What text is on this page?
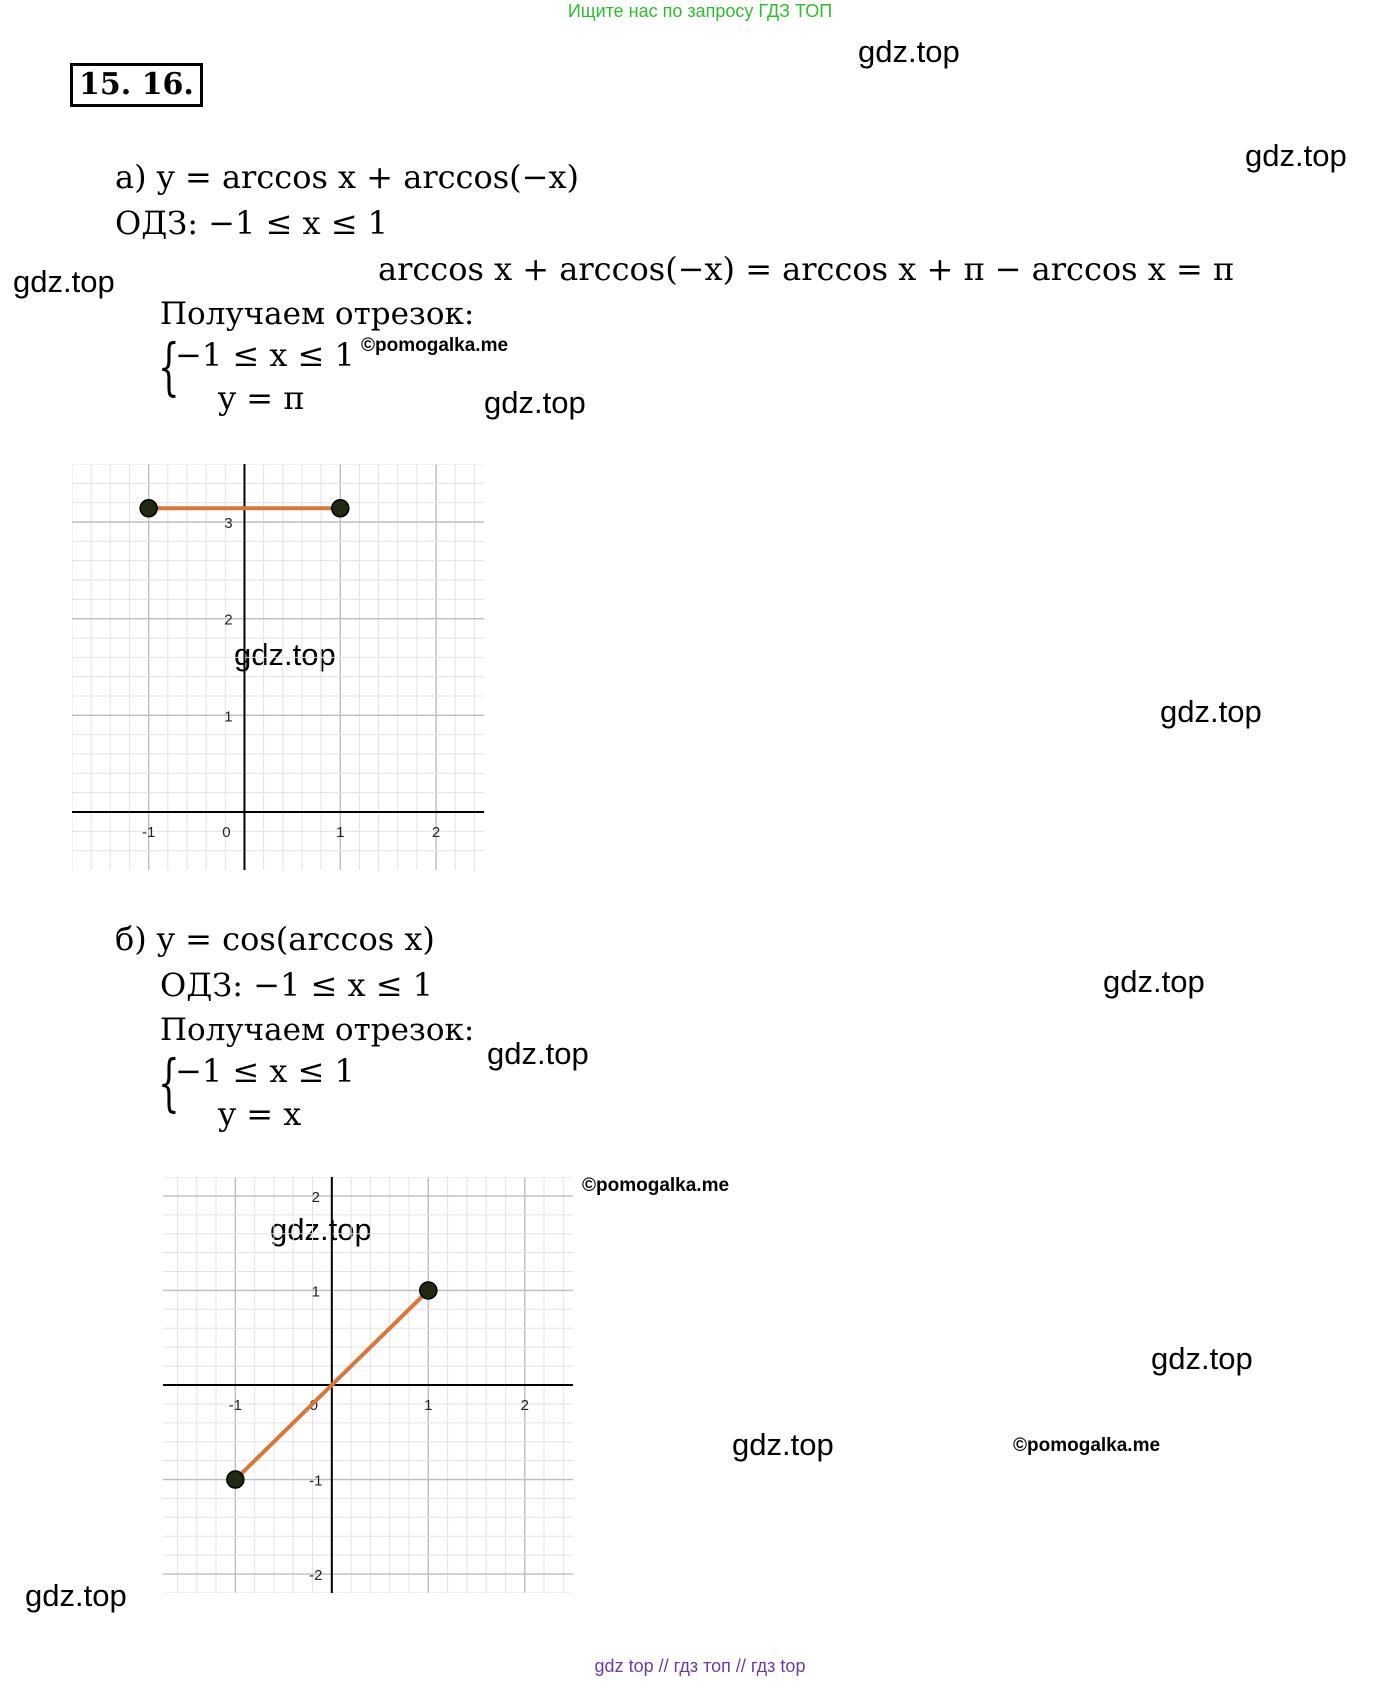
Ищите нас по запросу ГДЗ ТОП
15. 16.
gdz.top
gdz.top
gdz.top
gdz.top
gdz.top
gdz.top
gdz.top
gdz.top
gdz.top
gdz.top
gdz.top
gdz.top
©pomogalka.me
©pomogalka.me
©pomogalka.me
а) y = arccos x + arccos(−x)
ОДЗ: −1 ≤ x ≤ 1
arccos x + arccos(−x) = arccos x + π − arccos x = π
Получаем отрезок:
{
−1 ≤ x ≤ 1
y = π
-1	0	1	2
1
2
3
б) y = cos(arccos x)
ОДЗ: −1 ≤ x ≤ 1
Получаем отрезок:
{
−1 ≤ x ≤ 1
y = x
-1	0	1	2
-2
-1
1
2
gdz top // гдз топ // гдз top
